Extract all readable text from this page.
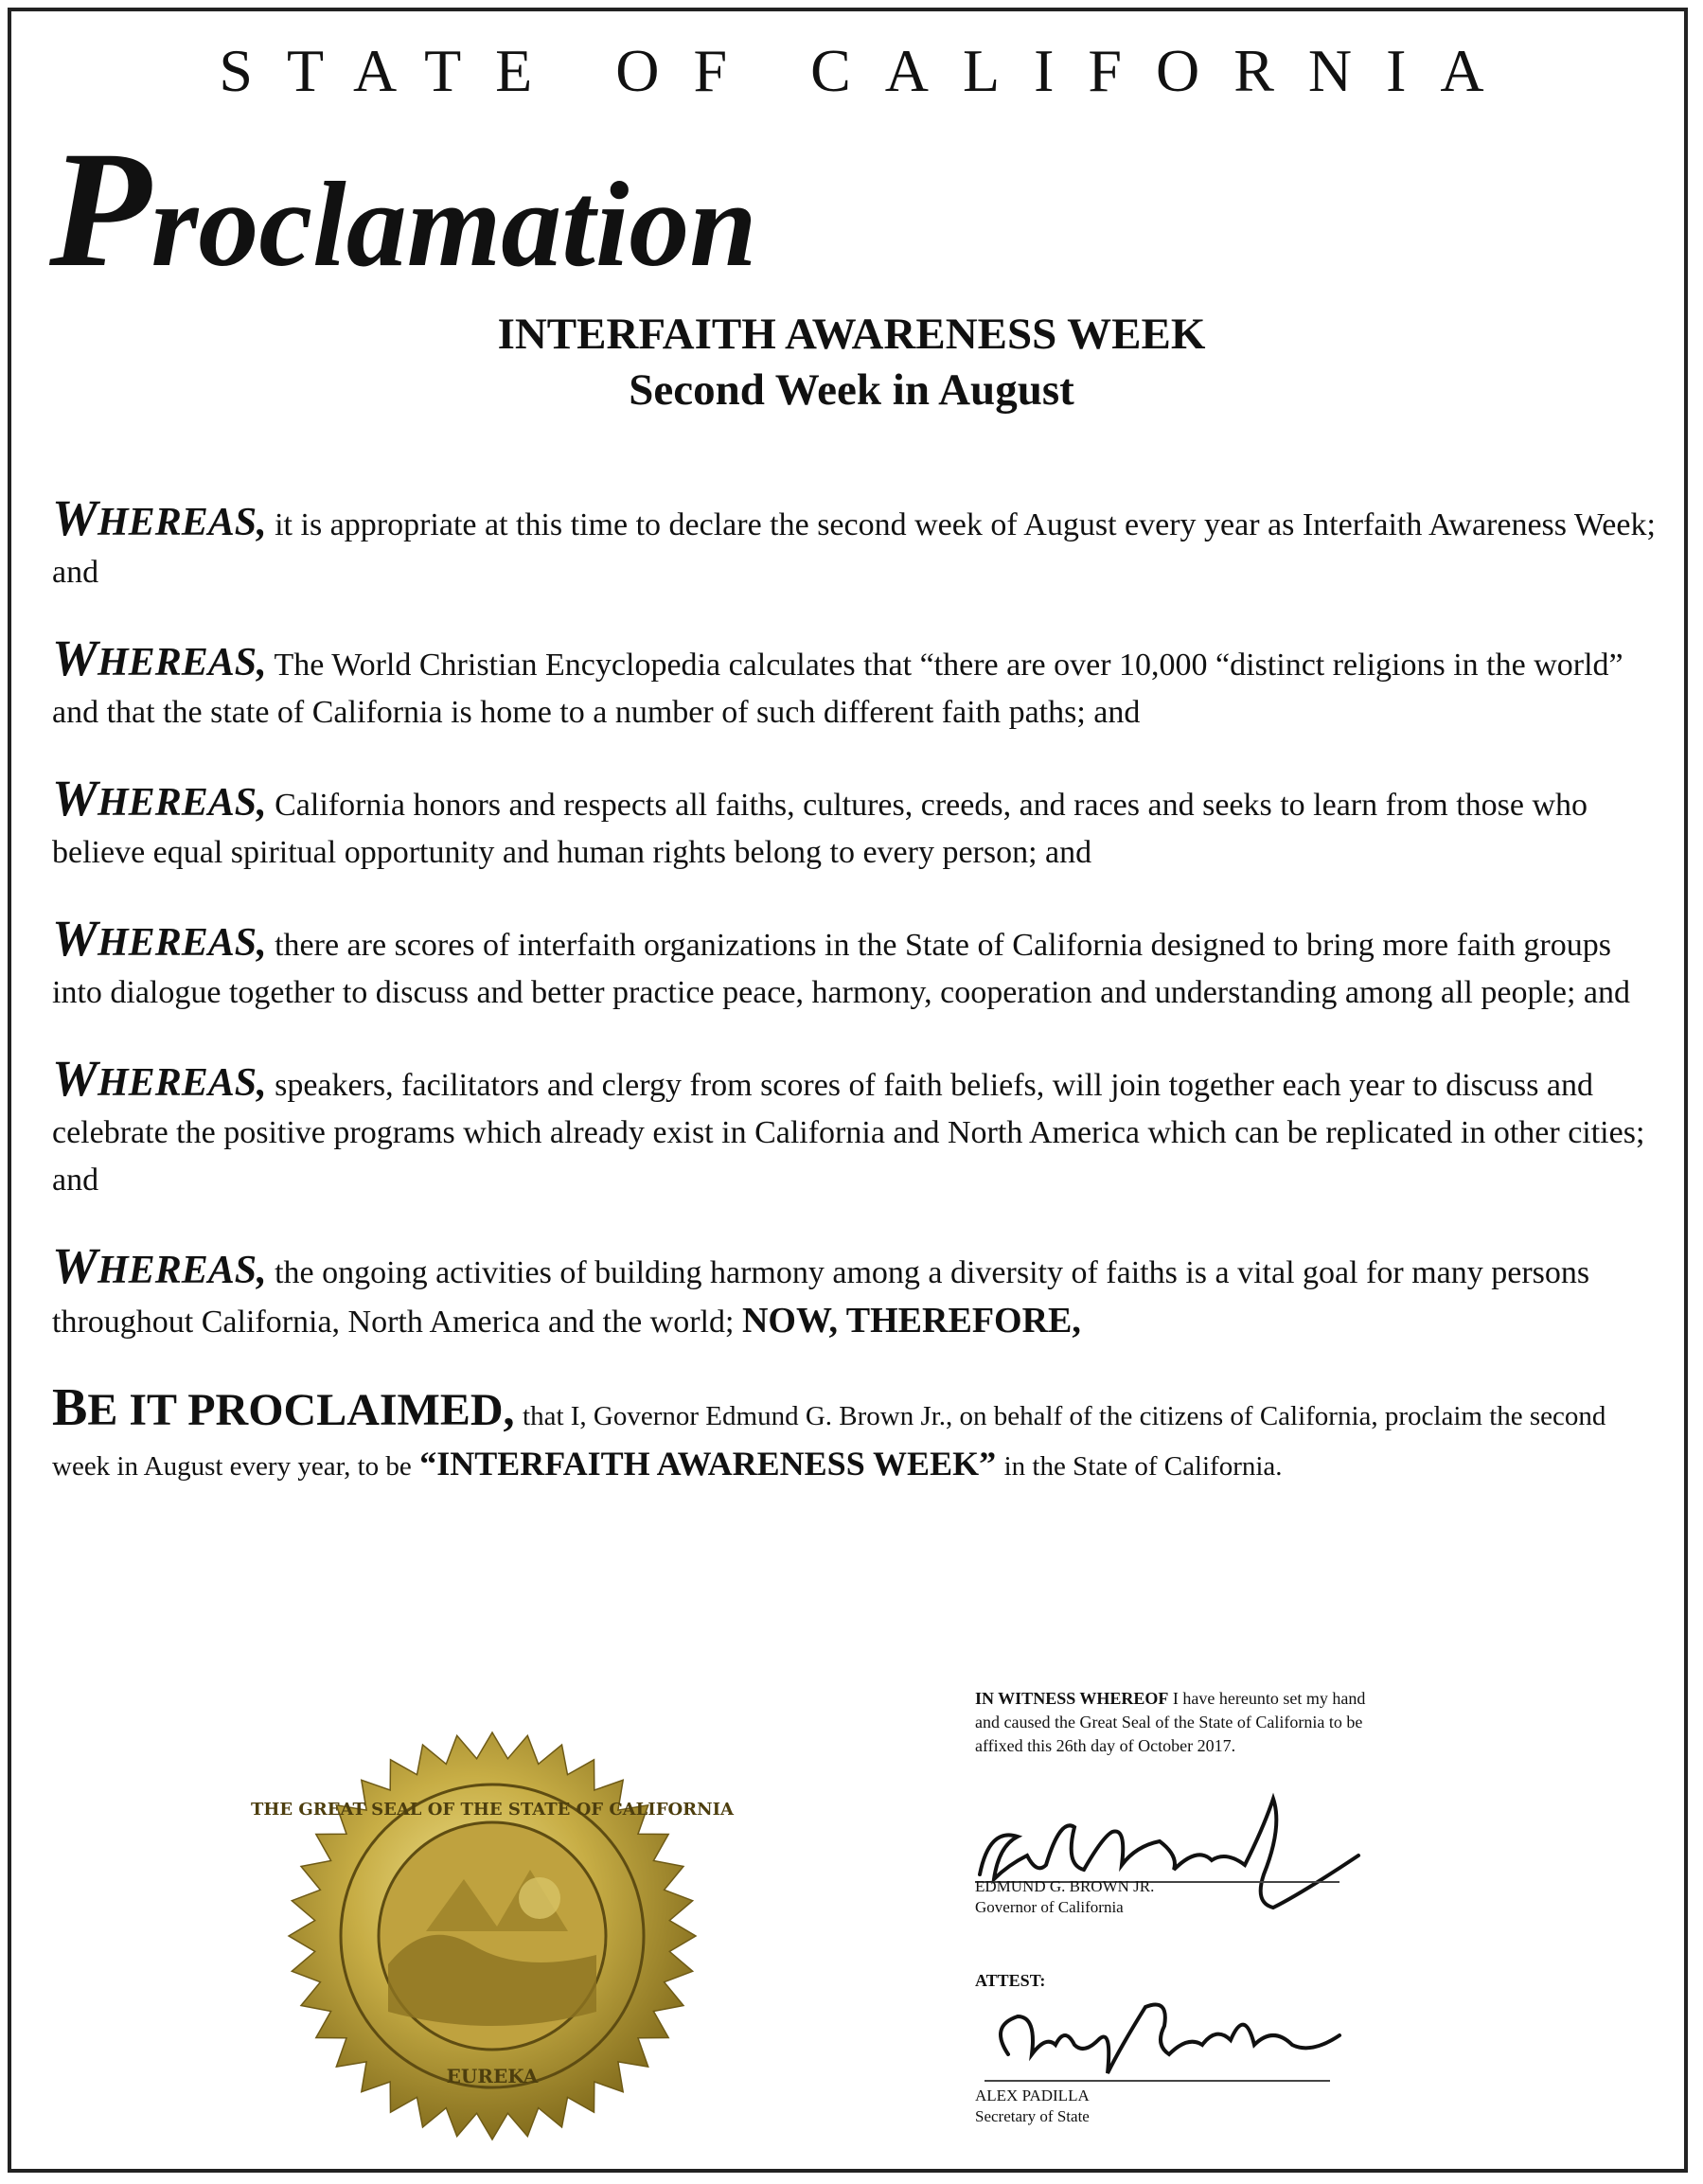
STATE OF CALIFORNIA
Proclamation
INTERFAITH AWARENESS WEEK
Second Week in August

WHEREAS, it is appropriate at this time to declare the second week of August every year as Interfaith Awareness Week; and

WHEREAS, The World Christian Encyclopedia calculates that “there are over 10,000 “distinct religions in the world” and that the state of California is home to a number of such different faith paths; and

WHEREAS, California honors and respects all faiths, cultures, creeds, and races and seeks to learn from those who believe equal spiritual opportunity and human rights belong to every person; and

WHEREAS, there are scores of interfaith organizations in the State of California designed to bring more faith groups into dialogue together to discuss and better practice peace, harmony, cooperation and understanding among all people; and

WHEREAS, speakers, facilitators and clergy from scores of faith beliefs, will join together each year to discuss and celebrate the positive programs which already exist in California and North America which can be replicated in other cities; and

WHEREAS, the ongoing activities of building harmony among a diversity of faiths is a vital goal for many persons throughout California, North America and the world; NOW, THEREFORE,

BE IT PROCLAIMED, that I, Governor Edmund G. Brown Jr., on behalf of the citizens of California, proclaim the second week in August every year, to be “INTERFAITH AWARENESS WEEK” in the State of California.

THE GREAT SEAL OF THE STATE OF CALIFORNIA
EUREKA
IN WITNESS WHEREOF I have hereunto set my hand and caused the Great Seal of the State of California to be affixed this 26th day of October 2017.
EDMUND G. BROWN JR.
Governor of California
ATTEST:
ALEX PADILLA
Secretary of State
